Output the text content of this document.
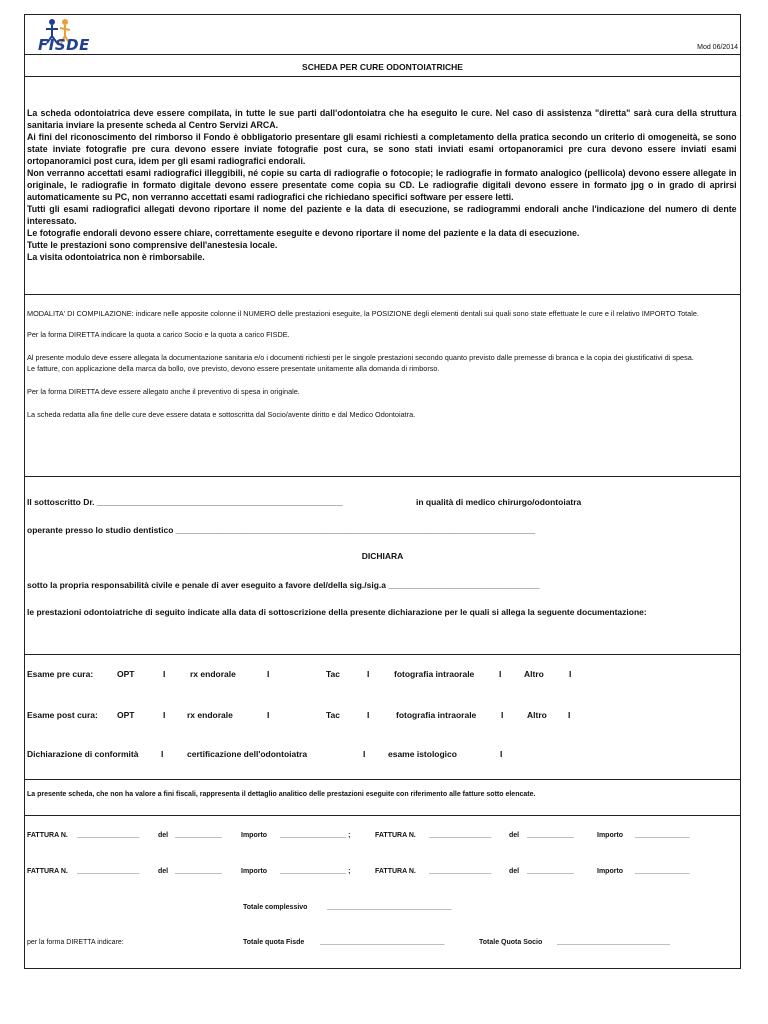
FISDE	Mod 06/2014
SCHEDA PER CURE ODONTOIATRICHE

La scheda odontoiatrica deve essere compilata, in tutte le sue parti dall'odontoiatra che ha eseguito le cure. Nel caso di assistenza "diretta" sarà cura della struttura sanitaria inviare la presente scheda al Centro Servizi ARCA.

Ai fini del riconoscimento del rimborso il Fondo è obbligatorio presentare gli esami richiesti a completamento della pratica secondo un criterio di omogeneità, se sono state inviate fotografie pre cura devono essere inviate fotografie post cura, se sono stati inviati esami ortopanoramici pre cura devono essere inviati esami ortopanoramici post cura, idem per gli esami radiografici endorali.

Non verranno accettati esami radiografici illeggibili, né copie su carta di radiografie o fotocopie; le radiografie in formato analogico (pellicola) devono essere allegate in originale, le radiografie in formato digitale devono essere presentate come copia su CD. Le radiografie digitali devono essere in formato jpg o in grado di aprirsi automaticamente su PC, non verranno accettati esami radiografici che richiedano specifici software per essere letti.

Tutti gli esami radiografici allegati devono riportare il nome del paziente e la data di esecuzione, se radiogrammi endorali anche l'indicazione del numero di dente interessato.

Le fotografie endorali devono essere chiare, correttamente eseguite e devono riportare il nome del paziente e la data di esecuzione.

Tutte le prestazioni sono comprensive dell'anestesia locale.

La visita odontoiatrica non è rimborsabile.

MODALITA' DI COMPILAZIONE: indicare nelle apposite colonne il NUMERO delle prestazioni eseguite, la POSIZIONE degli elementi dentali sui quali sono state effettuate le cure e il relativo IMPORTO Totale.

Per la forma DIRETTA indicare la quota a carico Socio e la quota a carico FISDE.

Al presente modulo deve essere allegata la documentazione sanitaria e/o i documenti richiesti per le singole prestazioni secondo quanto previsto dalle premesse di branca e la copia dei giustificativi di spesa.

Le fatture, con applicazione della marca da bollo, ove previsto, devono essere presentate unitamente alla domanda di rimborso.

Per la forma DIRETTA deve essere allegato anche il preventivo di spesa in originale.

La scheda redatta alla fine delle cure deve essere datata e sottoscritta dal Socio/avente diritto e dal Medico Odontoiatra.

Il sottoscritto Dr. ____________________________________________________	in qualità di medico chirurgo/odontoiatra
operante presso lo studio dentistico ____________________________________________________________________________
DICHIARA
sotto la propria responsabilità civile e penale di aver eseguito a favore del/della sig./sig.a ________________________________
le prestazioni odontoiatriche di seguito indicate alla data di sottoscrizione della presente dichiarazione per le quali si allega la seguente documentazione:
Esame pre cura:	OPT	I	rx endorale	I	Tac	I	fotografia intraorale	I	Altro	I
Esame post cura: OPT	I	rx endorale	I	Tac	I	fotografia intraorale	I	Altro I
Dichiarazione di conformità	I	certificazione dell'odontoiatra	I	esame istologico	I
La presente scheda, che non ha valore a fini fiscali, rappresenta il dettaglio analitico delle prestazioni eseguite con riferimento alle fatture sotto elencate.
FATTURA N. ________________	del ____________	Importo _________________ ;	FATTURA N. ________________	del ____________	Importo ______________
FATTURA N. ________________	del ____________	Importo _________________ ;	FATTURA N. ________________	del ____________	Importo ______________
Totale complessivo	________________________________
per la forma DIRETTA indicare:	Totale quota Fisde ________________________________	Totale Quota Socio _____________________________
